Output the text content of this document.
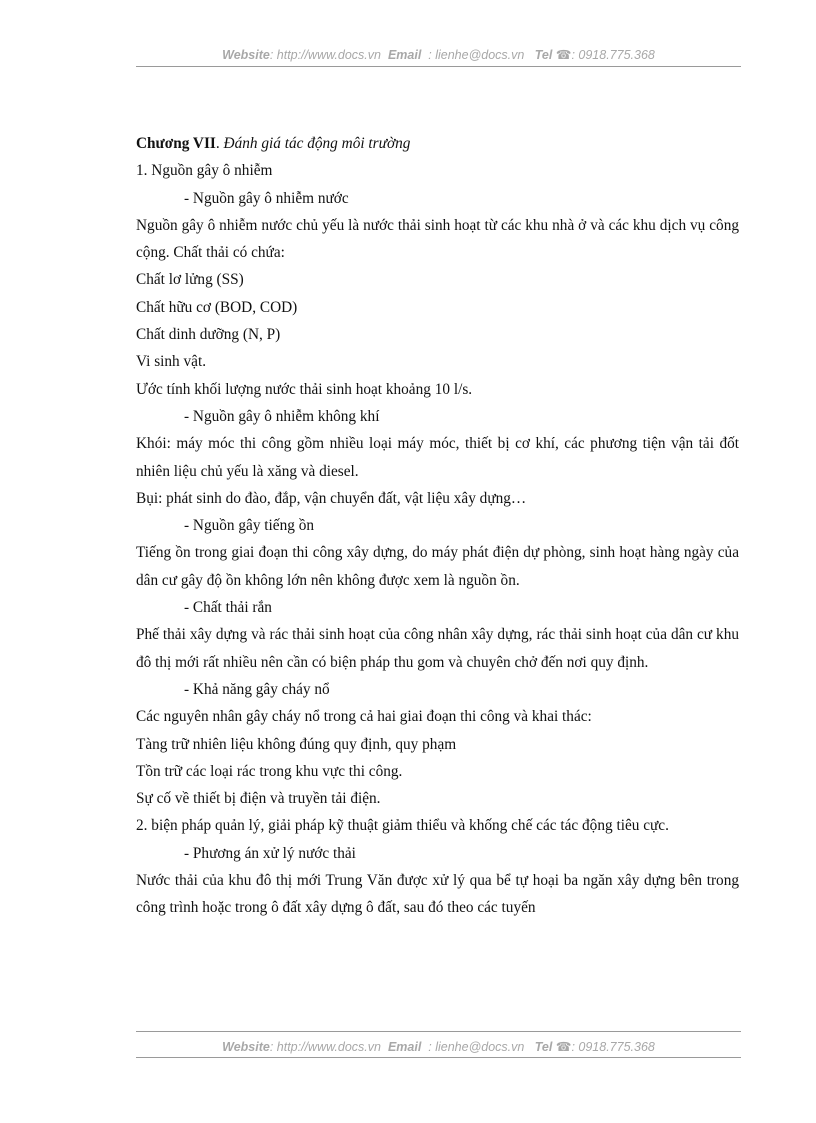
Website: http://www.docs.vn Email : lienhe@docs.vn Tel ☎: 0918.775.368

Chương VII. Đánh giá tác động môi trường

1. Nguồn gây ô nhiễm

- Nguồn gây ô nhiễm nước

Nguồn gây ô nhiễm nước chủ yếu là nước thải sinh hoạt từ các khu nhà ở và các khu dịch vụ công cộng. Chất thải có chứa:

Chất lơ lửng (SS)

Chất hữu cơ (BOD, COD)

Chất dinh dưỡng (N, P)

Vi sinh vật.

Ước tính khối lượng nước thải sinh hoạt khoảng 10 l/s.

- Nguồn gây ô nhiễm không khí

Khói: máy móc thi công gồm nhiều loại máy móc, thiết bị cơ khí, các phương tiện vận tải đốt nhiên liệu chủ yếu là xăng và diesel.

Bụi: phát sinh do đào, đắp, vận chuyển đất, vật liệu xây dựng…

- Nguồn gây tiếng ồn

Tiếng ồn trong giai đoạn thi công xây dựng, do máy phát điện dự phòng, sinh hoạt hàng ngày của dân cư gây độ ồn không lớn nên không được xem là nguồn ồn.

- Chất thải rắn

Phế thải xây dựng và rác thải sinh hoạt của công nhân xây dựng, rác thải sinh hoạt của dân cư khu đô thị mới rất nhiều nên cần có biện pháp thu gom và chuyên chở đến nơi quy định.

- Khả năng gây cháy nổ

Các nguyên nhân gây cháy nổ trong cả hai giai đoạn thi công và khai thác:

Tàng trữ nhiên liệu không đúng quy định, quy phạm

Tồn trữ các loại rác trong khu vực thi công.

Sự cố về thiết bị điện và truyền tải điện.

2. biện pháp quản lý, giải pháp kỹ thuật giảm thiểu và khống chế các tác động tiêu cực.

- Phương án xử lý nước thải

Nước thải của khu đô thị mới Trung Văn được xử lý qua bể tự hoại ba ngăn xây dựng bên trong công trình hoặc trong ô đất xây dựng ô đất, sau đó theo các tuyến

Website: http://www.docs.vn Email : lienhe@docs.vn Tel ☎: 0918.775.368
